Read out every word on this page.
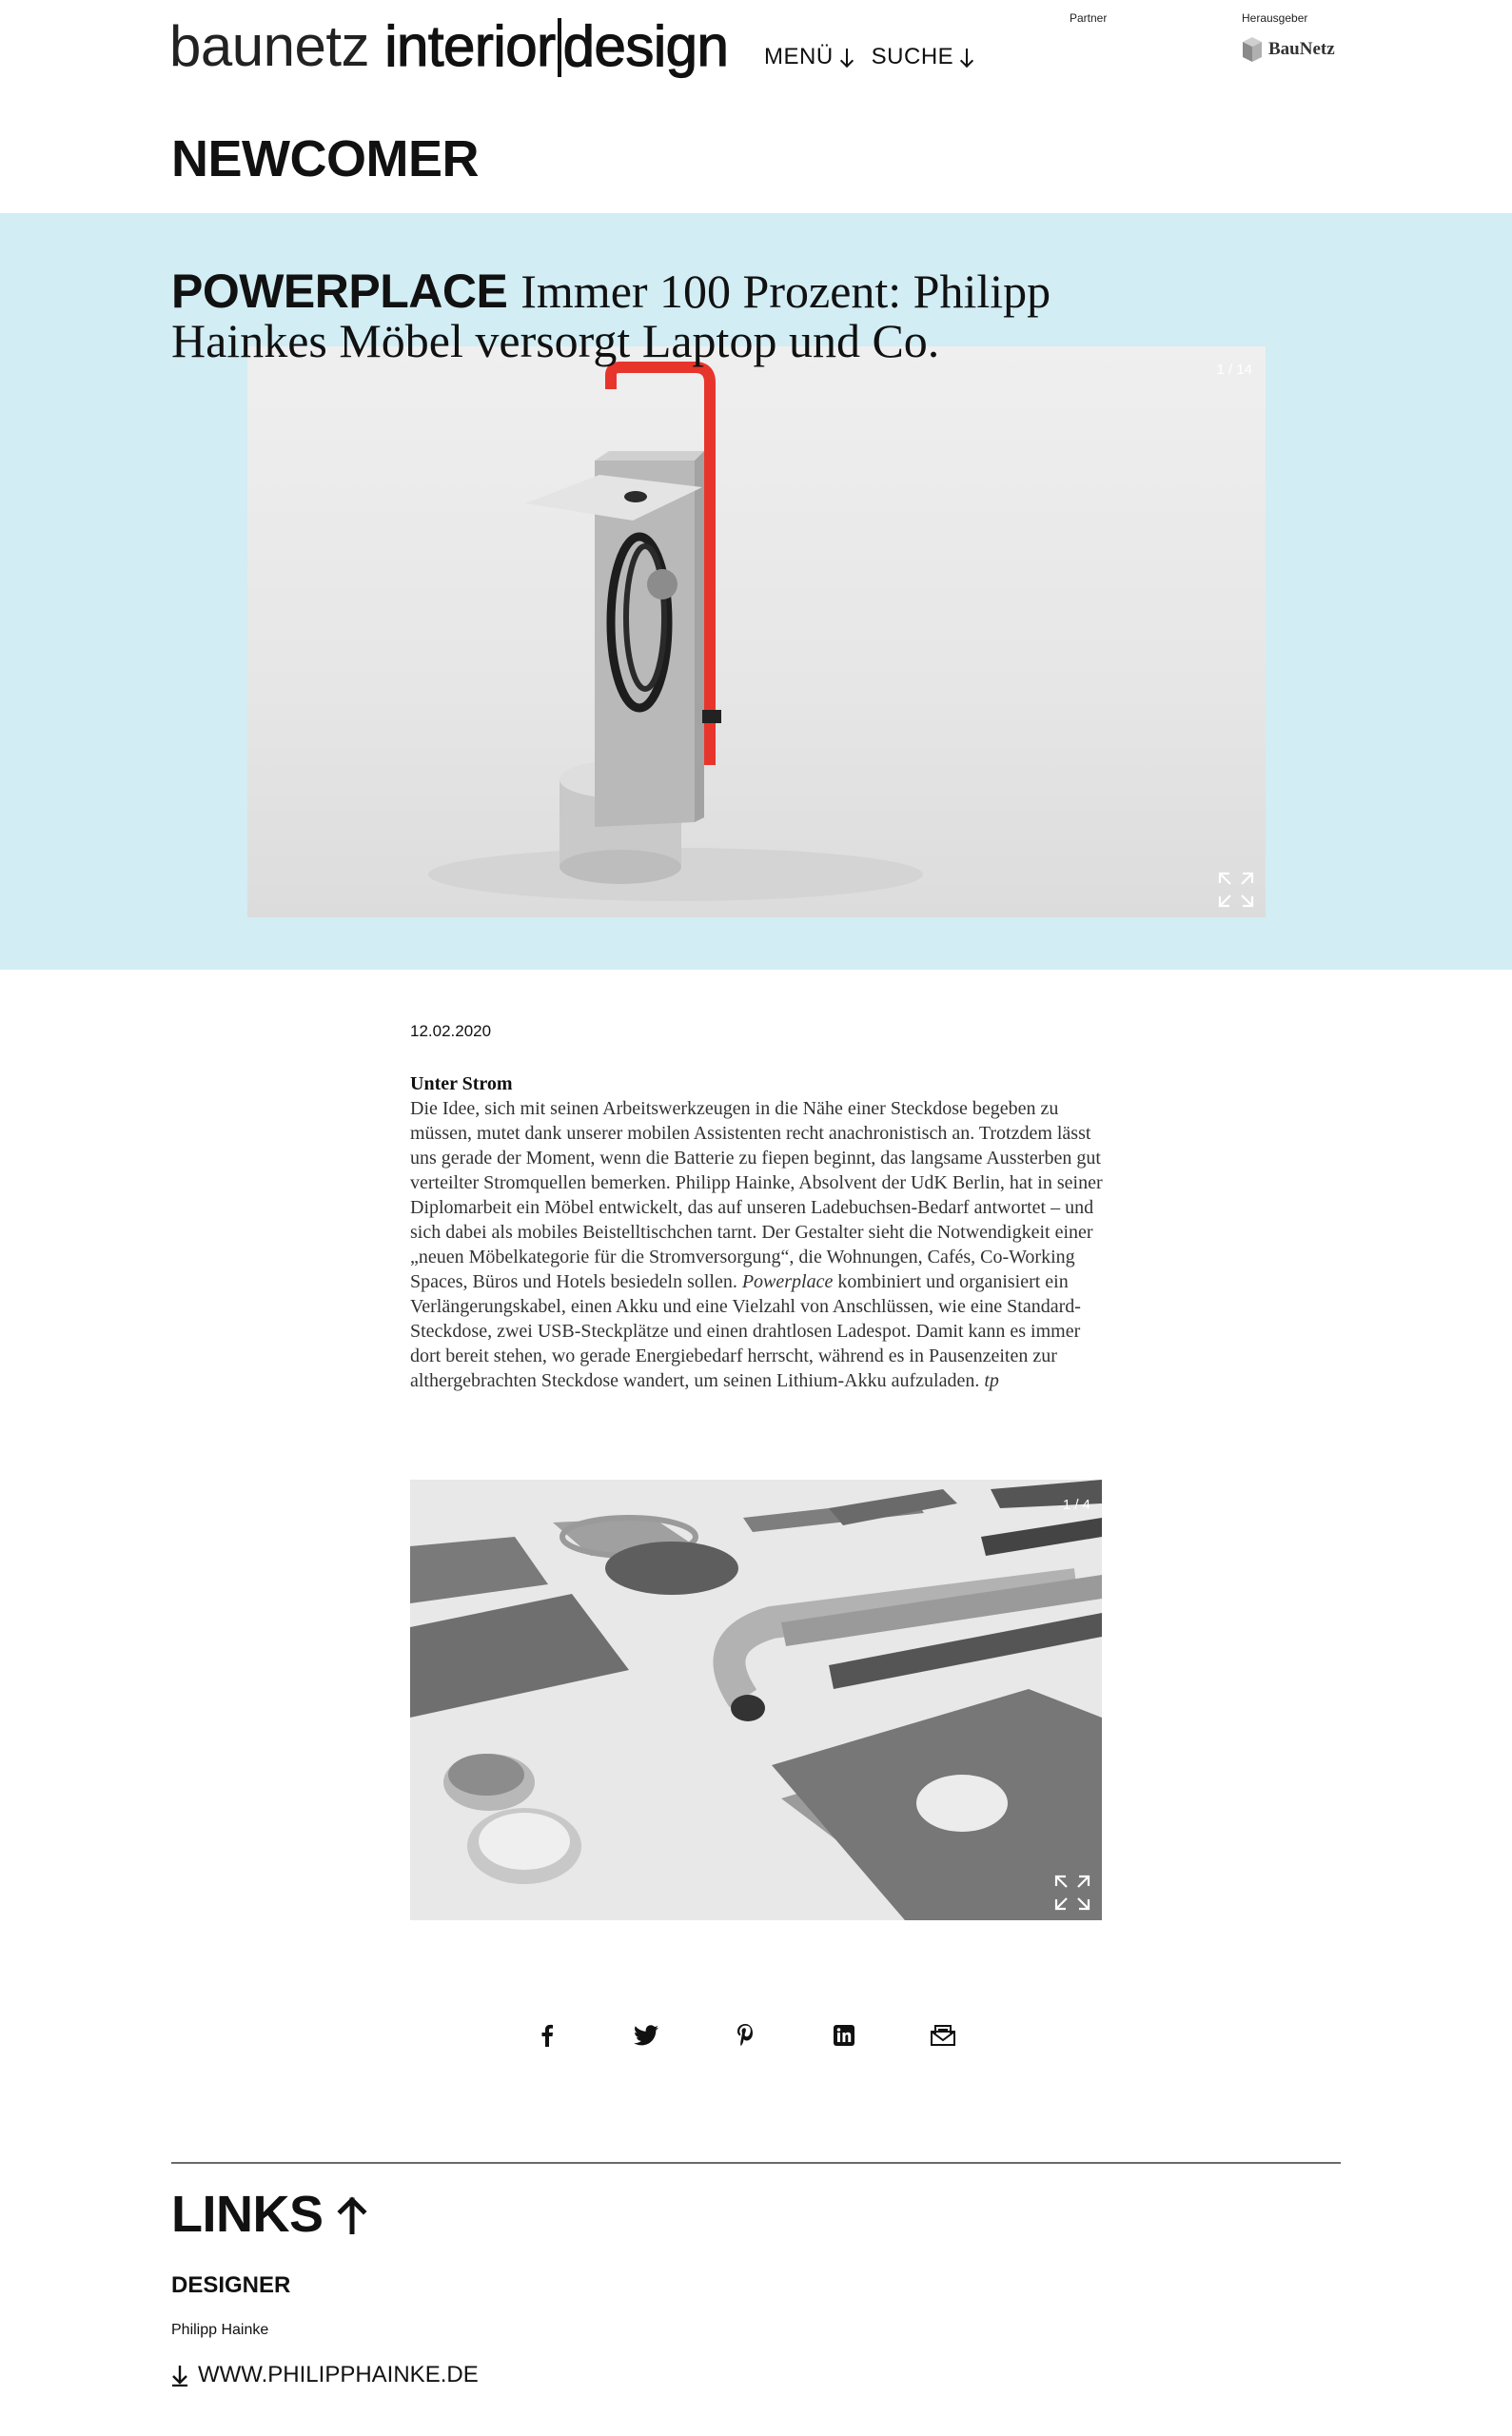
baunetz interior design MENÜ SUCHE
Partner	Herausgeber
BauNetz
NEWCOMER
POWERPLACE Immer 100 Prozent: Philipp Hainkes Möbel versorgt Laptop und Co.
1 / 14
12.02.2020
Unter Strom
Die Idee, sich mit seinen Arbeitswerkzeugen in die Nähe einer Steckdose begeben zu müssen, mutet dank unserer mobilen Assistenten recht anachronistisch an. Trotzdem lässt uns gerade der Moment, wenn die Batterie zu fiepen beginnt, das langsame Aussterben gut verteilter Stromquellen bemerken. Philipp Hainke, Absolvent der UdK Berlin, hat in seiner Diplomarbeit ein Möbel entwickelt, das auf unseren Ladebuchsen-Bedarf antwortet – und sich dabei als mobiles Beistelltischchen tarnt. Der Gestalter sieht die Notwendigkeit einer „neuen Möbelkategorie für die Stromversorgung“, die Wohnungen, Cafés, Co-Working Spaces, Büros und Hotels besiedeln sollen. Powerplace kombiniert und organisiert ein Verlängerungskabel, einen Akku und eine Vielzahl von Anschlüssen, wie eine Standard-Steckdose, zwei USB-Steckplätze und einen drahtlosen Ladespot. Damit kann es immer dort bereit stehen, wo gerade Energiebedarf herrscht, während es in Pausenzeiten zur althergebrachten Steckdose wandert, um seinen Lithium-Akku aufzuladen. tp
1 / 4
LINKS
DESIGNER
Philipp Hainke
WWW.PHILIPPHAINKE.DE
